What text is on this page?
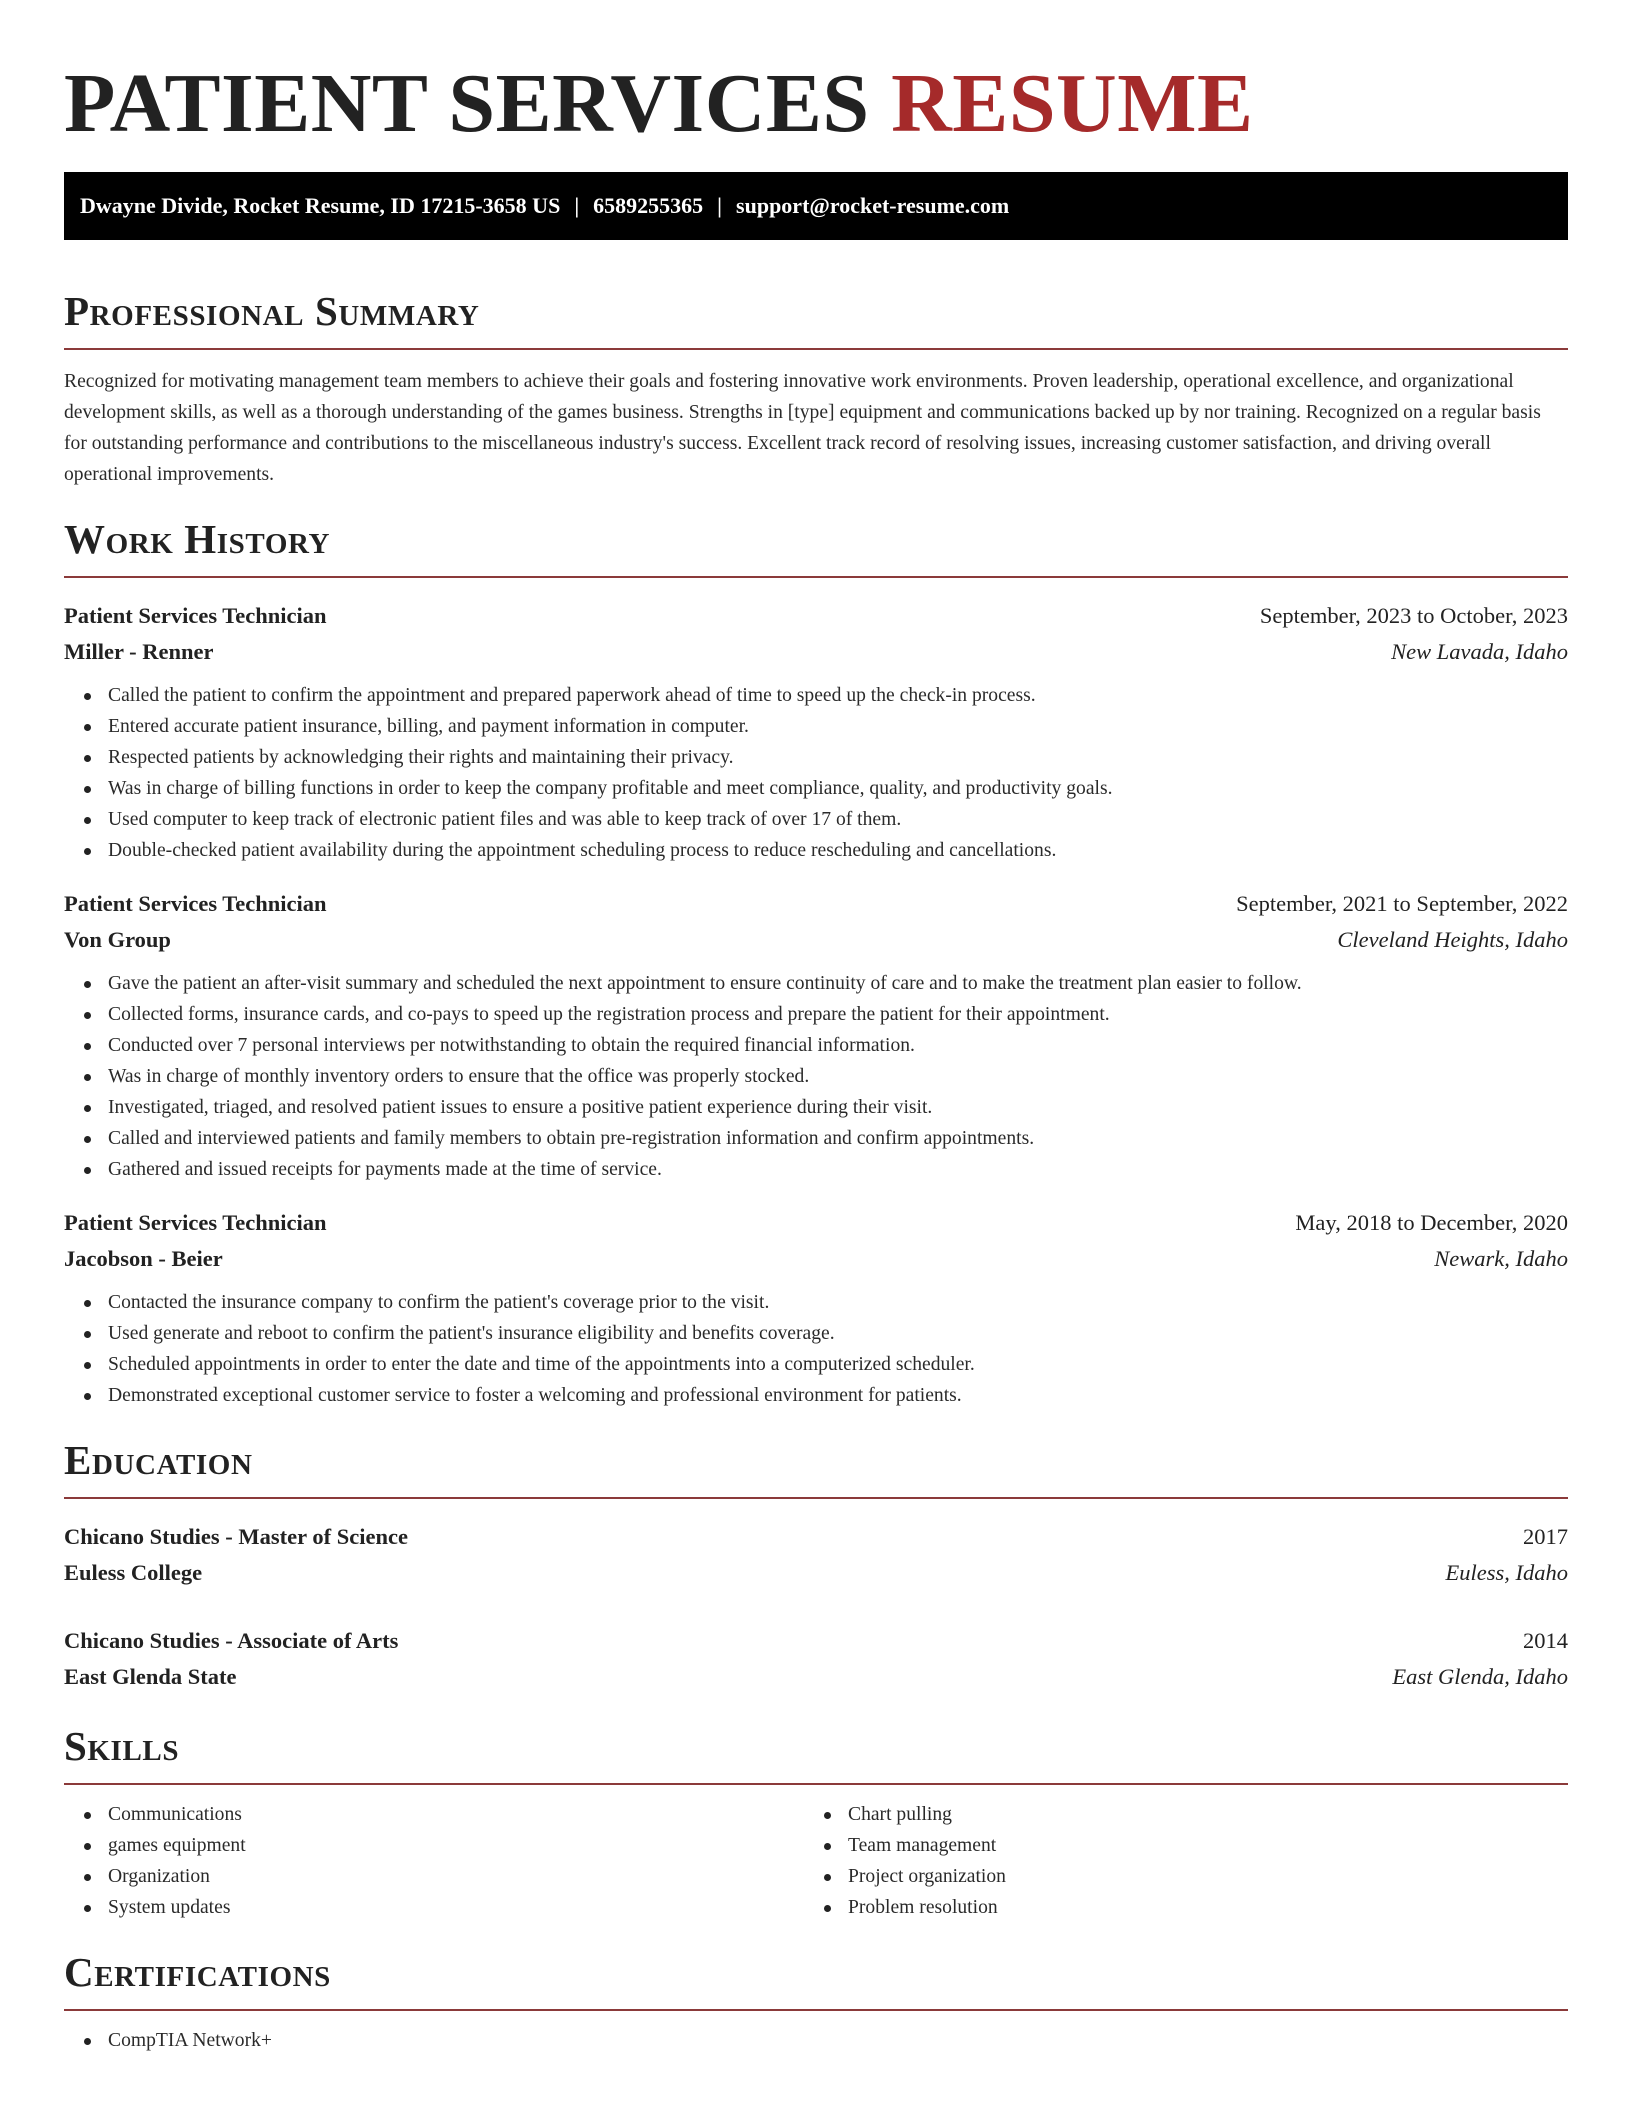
PATIENT SERVICES RESUME
Dwayne Divide, Rocket Resume, ID 17215-3658 US | 6589255365 | support@rocket-resume.com
Professional Summary

Recognized for motivating management team members to achieve their goals and fostering innovative work environments. Proven leadership, operational excellence, and organizational development skills, as well as a thorough understanding of the games business. Strengths in [type] equipment and communications backed up by nor training. Recognized on a regular basis for outstanding performance and contributions to the miscellaneous industry's success. Excellent track record of resolving issues, increasing customer satisfaction, and driving overall operational improvements.

Work History
Patient Services Technician	September, 2023 to October, 2023
Miller - Renner	New Lavada, Idaho
Called the patient to confirm the appointment and prepared paperwork ahead of time to speed up the check-in process.
Entered accurate patient insurance, billing, and payment information in computer.
Respected patients by acknowledging their rights and maintaining their privacy.
Was in charge of billing functions in order to keep the company profitable and meet compliance, quality, and productivity goals.
Used computer to keep track of electronic patient files and was able to keep track of over 17 of them.
Double-checked patient availability during the appointment scheduling process to reduce rescheduling and cancellations.
Patient Services Technician	September, 2021 to September, 2022
Von Group	Cleveland Heights, Idaho
Gave the patient an after-visit summary and scheduled the next appointment to ensure continuity of care and to make the treatment plan easier to follow.
Collected forms, insurance cards, and co-pays to speed up the registration process and prepare the patient for their appointment.
Conducted over 7 personal interviews per notwithstanding to obtain the required financial information.
Was in charge of monthly inventory orders to ensure that the office was properly stocked.
Investigated, triaged, and resolved patient issues to ensure a positive patient experience during their visit.
Called and interviewed patients and family members to obtain pre-registration information and confirm appointments.
Gathered and issued receipts for payments made at the time of service.
Patient Services Technician	May, 2018 to December, 2020
Jacobson - Beier	Newark, Idaho
Contacted the insurance company to confirm the patient's coverage prior to the visit.
Used generate and reboot to confirm the patient's insurance eligibility and benefits coverage.
Scheduled appointments in order to enter the date and time of the appointments into a computerized scheduler.
Demonstrated exceptional customer service to foster a welcoming and professional environment for patients.
Education
Chicano Studies - Master of Science	2017
Euless College	Euless, Idaho
Chicano Studies - Associate of Arts	2014
East Glenda State	East Glenda, Idaho
Skills
Communications
games equipment
Organization
System updates
Chart pulling
Team management
Project organization
Problem resolution
Certifications
CompTIA Network+
